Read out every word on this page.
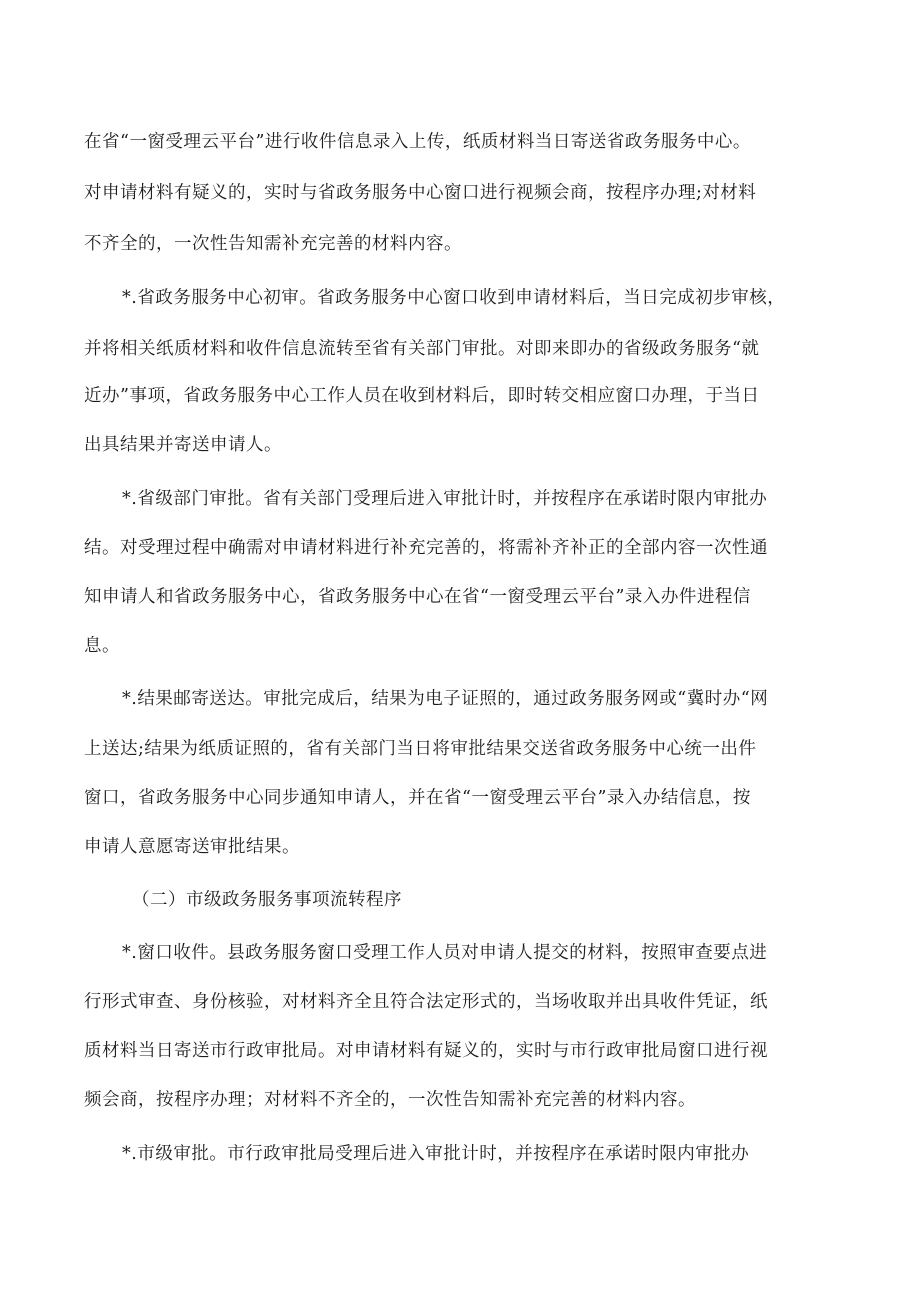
在省“一窗受理云平台”进行收件信息录入上传，纸质材料当日寄送省政务服务中心。
对申请材料有疑义的，实时与省政务服务中心窗口进行视频会商，按程序办理;对材料
不齐全的，一次性告知需补充完善的材料内容。
*.省政务服务中心初审。省政务服务中心窗口收到申请材料后，当日完成初步审核，
并将相关纸质材料和收件信息流转至省有关部门审批。对即来即办的省级政务服务“就
近办”事项，省政务服务中心工作人员在收到材料后，即时转交相应窗口办理，于当日
出具结果并寄送申请人。
*.省级部门审批。省有关部门受理后进入审批计时，并按程序在承诺时限内审批办
结。对受理过程中确需对申请材料进行补充完善的，将需补齐补正的全部内容一次性通
知申请人和省政务服务中心，省政务服务中心在省“一窗受理云平台”录入办件进程信
息。
*.结果邮寄送达。审批完成后，结果为电子证照的，通过政务服务网或“冀时办“网
上送达;结果为纸质证照的，省有关部门当日将审批结果交送省政务服务中心统一出件
窗口，省政务服务中心同步通知申请人，并在省“一窗受理云平台”录入办结信息，按
申请人意愿寄送审批结果。
（二）市级政务服务事项流转程序
*.窗口收件。县政务服务窗口受理工作人员对申请人提交的材料，按照审查要点进
行形式审查、身份核验，对材料齐全且符合法定形式的，当场收取并出具收件凭证，纸
质材料当日寄送市行政审批局。对申请材料有疑义的，实时与市行政审批局窗口进行视
频会商，按程序办理；对材料不齐全的，一次性告知需补充完善的材料内容。
*.市级审批。市行政审批局受理后进入审批计时，并按程序在承诺时限内审批办
